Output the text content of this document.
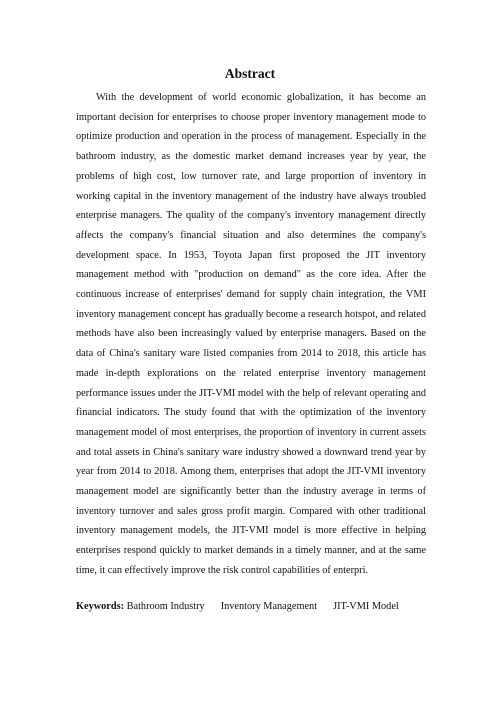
Abstract

With the development of world economic globalization, it has become an important decision for enterprises to choose proper inventory management mode to optimize production and operation in the process of management. Especially in the bathroom industry, as the domestic market demand increases year by year, the problems of high cost, low turnover rate, and large proportion of inventory in working capital in the inventory management of the industry have always troubled enterprise managers. The quality of the company's inventory management directly affects the company's financial situation and also determines the company's development space. In 1953, Toyota Japan first proposed the JIT inventory management method with "production on demand" as the core idea. After the continuous increase of enterprises' demand for supply chain integration, the VMI inventory management concept has gradually become a research hotspot, and related methods have also been increasingly valued by enterprise managers. Based on the data of China's sanitary ware listed companies from 2014 to 2018, this article has made in-depth explorations on the related enterprise inventory management performance issues under the JIT-VMI model with the help of relevant operating and financial indicators. The study found that with the optimization of the inventory management model of most enterprises, the proportion of inventory in current assets and total assets in China's sanitary ware industry showed a downward trend year by year from 2014 to 2018. Among them, enterprises that adopt the JIT-VMI inventory management model are significantly better than the industry average in terms of inventory turnover and sales gross profit margin. Compared with other traditional inventory management models, the JIT-VMI model is more effective in helping enterprises respond quickly to market demands in a timely manner, and at the same time, it can effectively improve the risk control capabilities of enterpri.

Keywords: Bathroom Industry Inventory Management JIT-VMI Model
